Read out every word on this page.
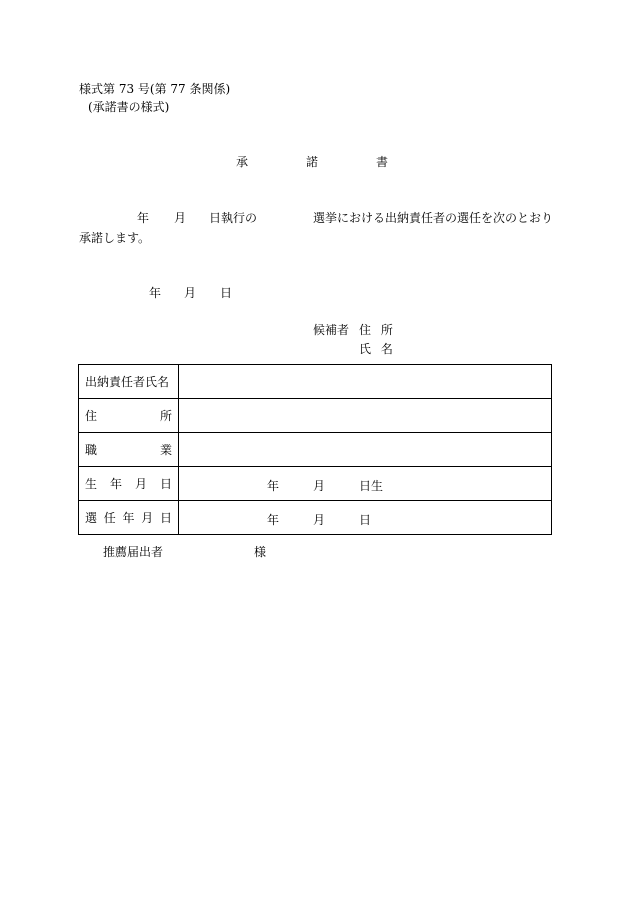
様式第 73 号(第 77 条関係)
(承諾書の様式)
承	諾	書
年 月 日執行の	選挙における出納責任者の選任を次のとおり
承諾します。
年 月 日
候補者 住 所
氏 名
出納責任者氏名	

住 所	

職 業	

生 年 月 日	年 月 日生

選 任 年 月 日	年 月 日
推薦届出者	様
